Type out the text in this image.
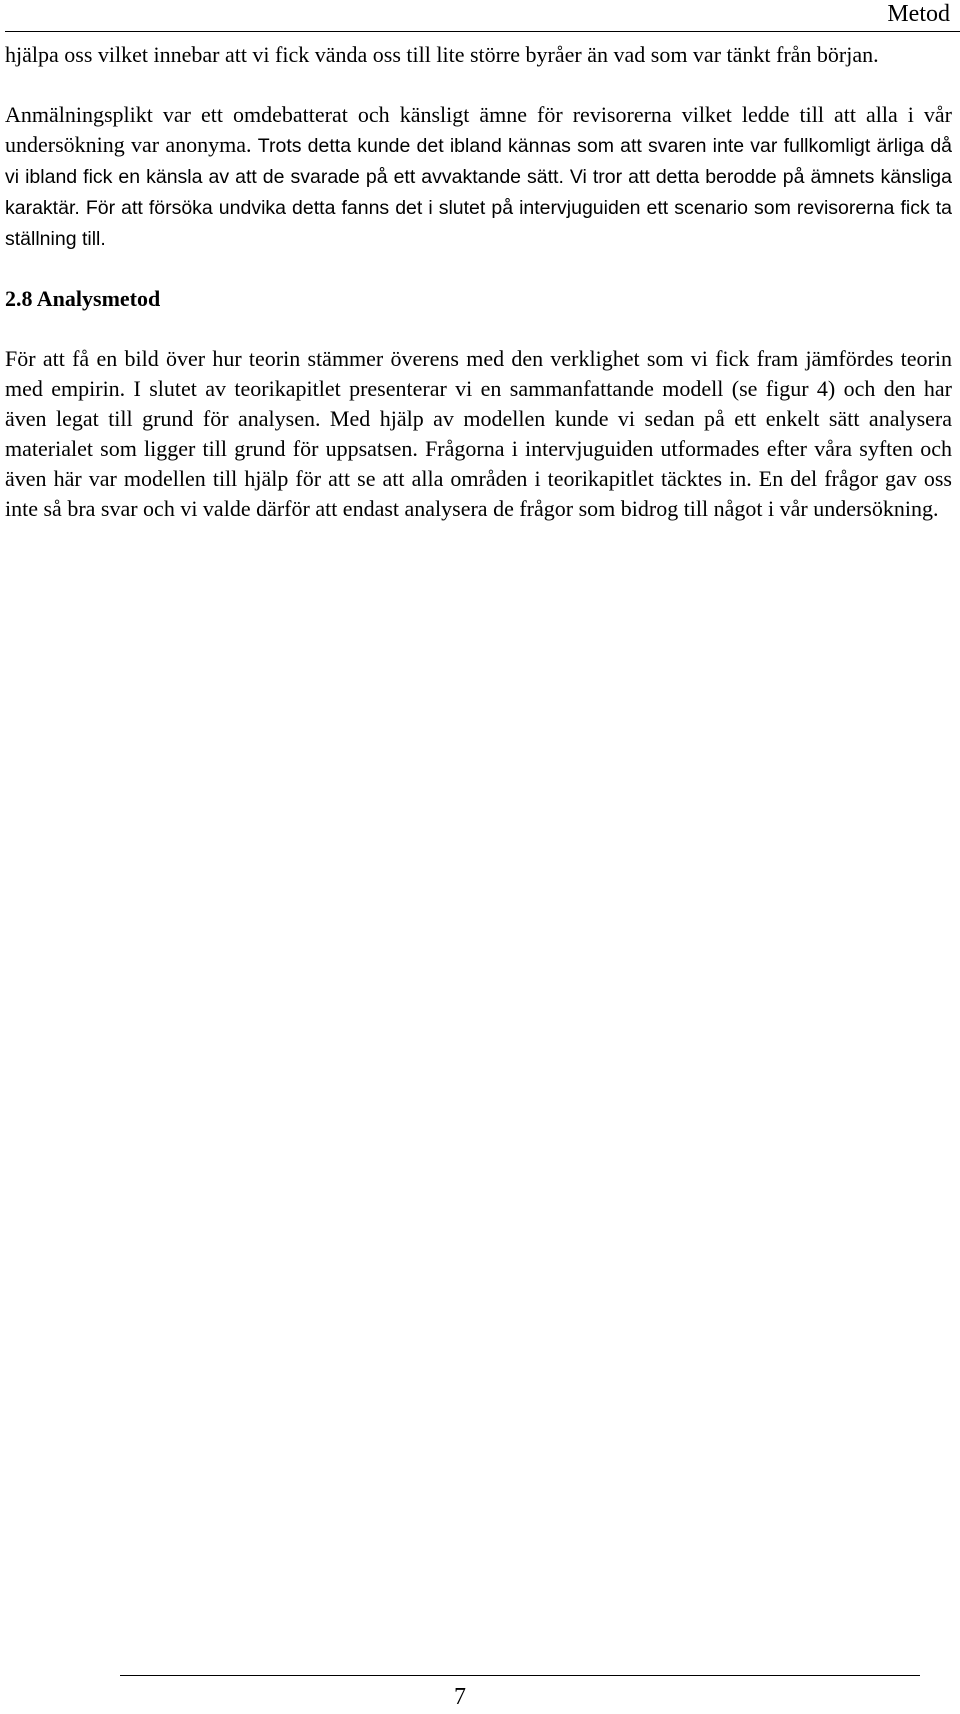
Metod

hjälpa oss vilket innebar att vi fick vända oss till lite större byråer än vad som var tänkt från början.

Anmälningsplikt var ett omdebatterat och känsligt ämne för revisorerna vilket ledde till att alla i vår undersökning var anonyma. Trots detta kunde det ibland kännas som att svaren inte var fullkomligt ärliga då vi ibland fick en känsla av att de svarade på ett avvaktande sätt. Vi tror att detta berodde på ämnets känsliga karaktär. För att försöka undvika detta fanns det i slutet på intervjuguiden ett scenario som revisorerna fick ta ställning till.

2.8 Analysmetod

För att få en bild över hur teorin stämmer överens med den verklighet som vi fick fram jämfördes teorin med empirin. I slutet av teorikapitlet presenterar vi en sammanfattande modell (se figur 4) och den har även legat till grund för analysen. Med hjälp av modellen kunde vi sedan på ett enkelt sätt analysera materialet som ligger till grund för uppsatsen. Frågorna i intervjuguiden utformades efter våra syften och även här var modellen till hjälp för att se att alla områden i teorikapitlet täcktes in. En del frågor gav oss inte så bra svar och vi valde därför att endast analysera de frågor som bidrog till något i vår undersökning.

7
